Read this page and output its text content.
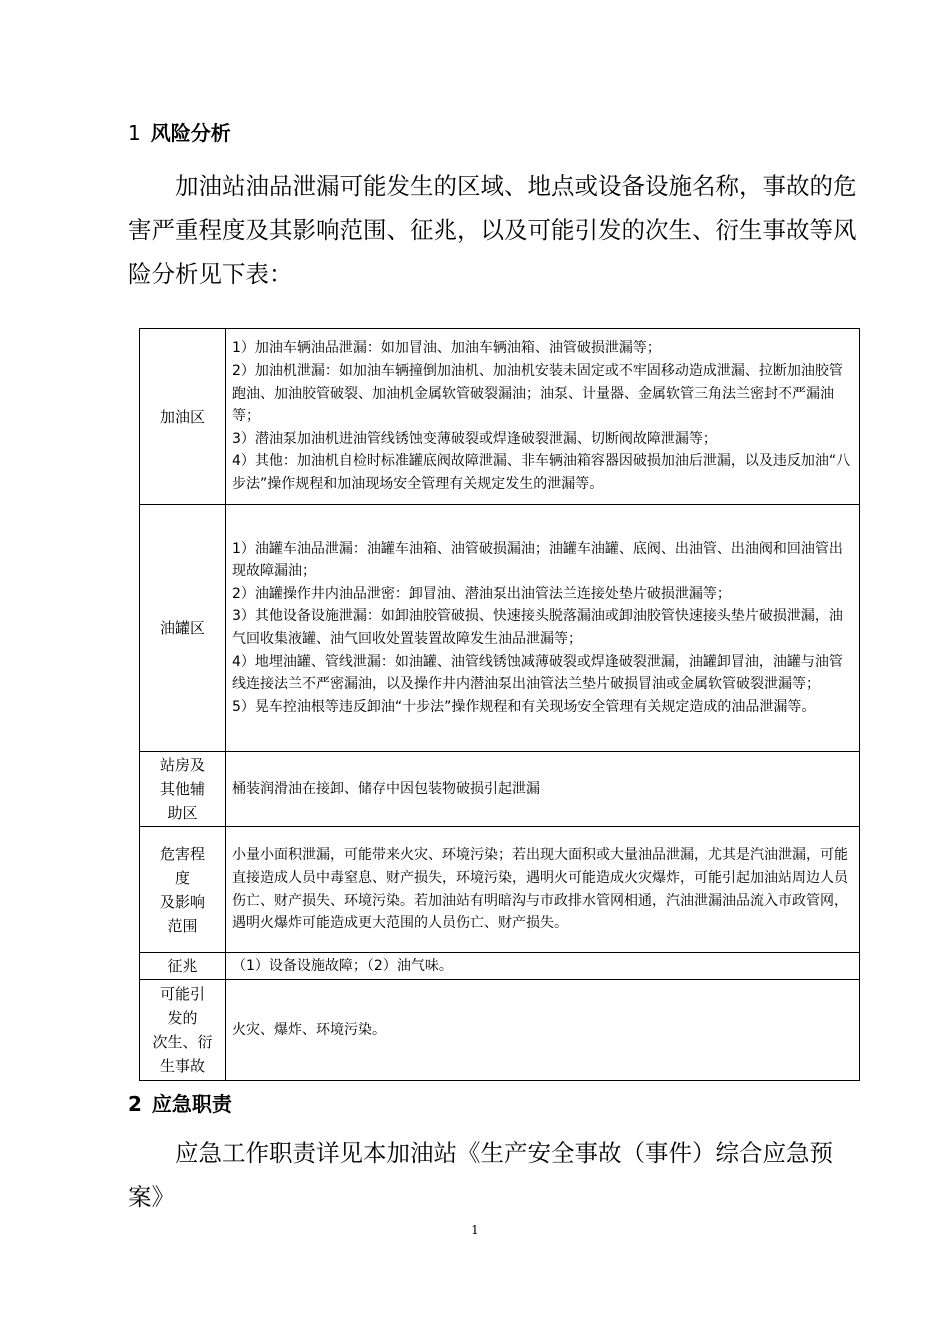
1 风险分析

加油站油品泄漏可能发生的区域、地点或设备设施名称，事故的危害严重程度及其影响范围、征兆，以及可能引发的次生、衍生事故等风险分析见下表：

加油区	1）加油车辆油品泄漏：如加冒油、加油车辆油箱、油管破损泄漏等；
2）加油机泄漏：如加油车辆撞倒加油机、加油机安装未固定或不牢固移动造成泄漏、拉断加油胶管跑油、加油胶管破裂、加油机金属软管破裂漏油；油泵、计量器、金属软管三角法兰密封不严漏油等；
3）潜油泵加油机进油管线锈蚀变薄破裂或焊逢破裂泄漏、切断阀故障泄漏等；
4）其他：加油机自检时标准罐底阀故障泄漏、非车辆油箱容器因破损加油后泄漏，以及违反加油“八步法”操作规程和加油现场安全管理有关规定发生的泄漏等。

油罐区	1）油罐车油品泄漏：油罐车油箱、油管破损漏油；油罐车油罐、底阀、出油管、出油阀和回油管出现故障漏油；
2）油罐操作井内油品泄密：卸冒油、潜油泵出油管法兰连接处垫片破损泄漏等；
3）其他设备设施泄漏：如卸油胶管破损、快速接头脱落漏油或卸油胶管快速接头垫片破损泄漏，油气回收集液罐、油气回收处置装置故障发生油品泄漏等；
4）地埋油罐、管线泄漏：如油罐、油管线锈蚀减薄破裂或焊逢破裂泄漏，油罐卸冒油，油罐与油管线连接法兰不严密漏油，以及操作井内潜油泵出油管法兰垫片破损冒油或金属软管破裂泄漏等；
5）晃车控油根等违反卸油“十步法”操作规程和有关现场安全管理有关规定造成的油品泄漏等。

站房及
其他辅
助区	桶装润滑油在接卸、储存中因包装物破损引起泄漏

危害程
度
及影响
范围	小量小面积泄漏，可能带来火灾、环境污染；若出现大面积或大量油品泄漏，尤其是汽油泄漏，可能直接造成人员中毒窒息、财产损失，环境污染，遇明火可能造成火灾爆炸，可能引起加油站周边人员伤亡、财产损失、环境污染。若加油站有明暗沟与市政排水管网相通，汽油泄漏油品流入市政管网，遇明火爆炸可能造成更大范围的人员伤亡、财产损失。

征兆	（1）设备设施故障；（2）油气味。

可能引
发的
次生、衍
生事故	火灾、爆炸、环境污染。
2 应急职责

应急工作职责详见本加油站《生产安全事故（事件）综合应急预案》

1
